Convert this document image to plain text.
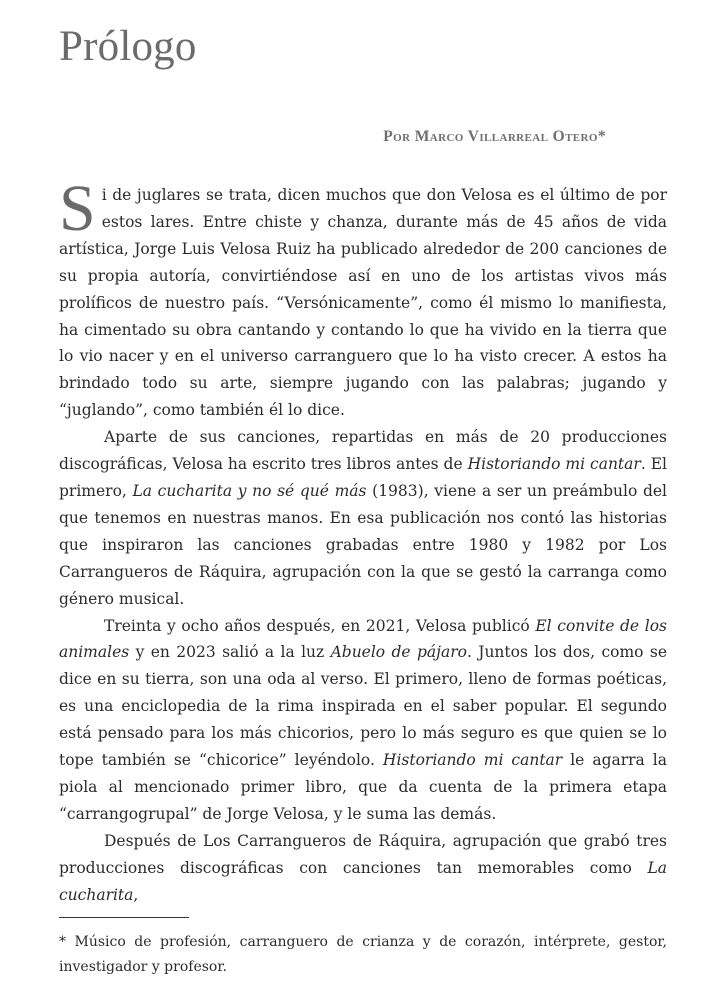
Prólogo
Por Marco Villarreal Otero*

Si de juglares se trata, dicen muchos que don Velosa es el último de por estos lares. Entre chiste y chanza, durante más de 45 años de vida artística, Jorge Luis Velosa Ruiz ha publicado alrededor de 200 canciones de su propia autoría, convirtiéndose así en uno de los artistas vivos más prolíficos de nuestro país. “Versónicamente”, como él mismo lo manifiesta, ha cimentado su obra cantando y contando lo que ha vivido en la tierra que lo vio nacer y en el universo carranguero que lo ha visto crecer. A estos ha brindado todo su arte, siempre jugando con las palabras; jugando y “juglando”, como también él lo dice.

Aparte de sus canciones, repartidas en más de 20 producciones discográficas, Velosa ha escrito tres libros antes de Historiando mi cantar. El primero, La cucharita y no sé qué más (1983), viene a ser un preámbulo del que tenemos en nuestras manos. En esa publicación nos contó las historias que inspiraron las canciones grabadas entre 1980 y 1982 por Los Carrangueros de Ráquira, agrupación con la que se gestó la carranga como género musical.

Treinta y ocho años después, en 2021, Velosa publicó El convite de los animales y en 2023 salió a la luz Abuelo de pájaro. Juntos los dos, como se dice en su tierra, son una oda al verso. El primero, lleno de formas poéticas, es una enciclopedia de la rima inspirada en el saber popular. El segundo está pensado para los más chicorios, pero lo más seguro es que quien se lo tope también se “chicorice” leyéndolo. Historiando mi cantar le agarra la piola al mencionado primer libro, que da cuenta de la primera etapa “carrangogrupal” de Jorge Velosa, y le suma las demás.

Después de Los Carrangueros de Ráquira, agrupación que grabó tres producciones discográficas con canciones tan memorables como La cucharita,

* Músico de profesión, carranguero de crianza y de corazón, intérprete, gestor, investigador y profesor.
